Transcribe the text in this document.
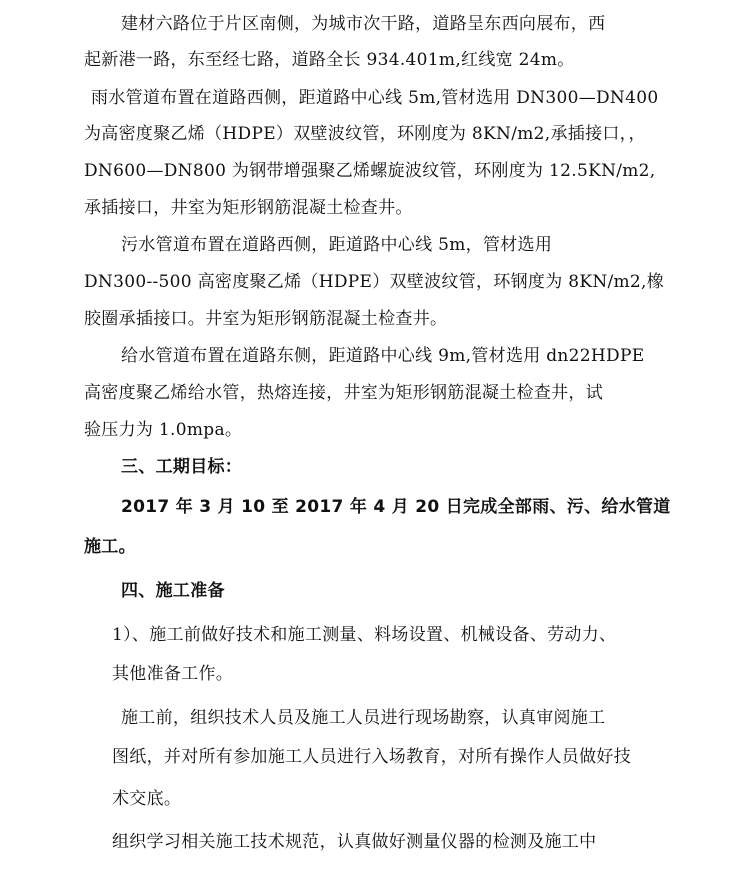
建材六路位于片区南侧，为城市次干路，道路呈东西向展布，西
起新港一路，东至经七路，道路全长 934.401m,红线宽 24m。
雨水管道布置在道路西侧，距道路中心线 5m,管材选用 DN300—DN400
为高密度聚乙烯（HDPE）双壁波纹管，环刚度为 8KN/m2,承插接口，，
DN600—DN800 为钢带增强聚乙烯螺旋波纹管，环刚度为 12.5KN/m2,
承插接口，井室为矩形钢筋混凝土检查井。
污水管道布置在道路西侧，距道路中心线 5m，管材选用
DN300--500 高密度聚乙烯（HDPE）双壁波纹管，环钢度为 8KN/m2,橡
胶圈承插接口。井室为矩形钢筋混凝土检查井。
给水管道布置在道路东侧，距道路中心线 9m,管材选用 dn22HDPE
高密度聚乙烯给水管，热熔连接，井室为矩形钢筋混凝土检查井，试
验压力为 1.0mpa。
三、工期目标：
2017 年 3 月 10 至 2017 年 4 月 20 日完成全部雨、污、给水管道
施工。
四、施工准备
1）、施工前做好技术和施工测量、料场设置、机械设备、劳动力、
其他准备工作。
施工前，组织技术人员及施工人员进行现场勘察，认真审阅施工
图纸，并对所有参加施工人员进行入场教育，对所有操作人员做好技
术交底。
组织学习相关施工技术规范，认真做好测量仪器的检测及施工中
